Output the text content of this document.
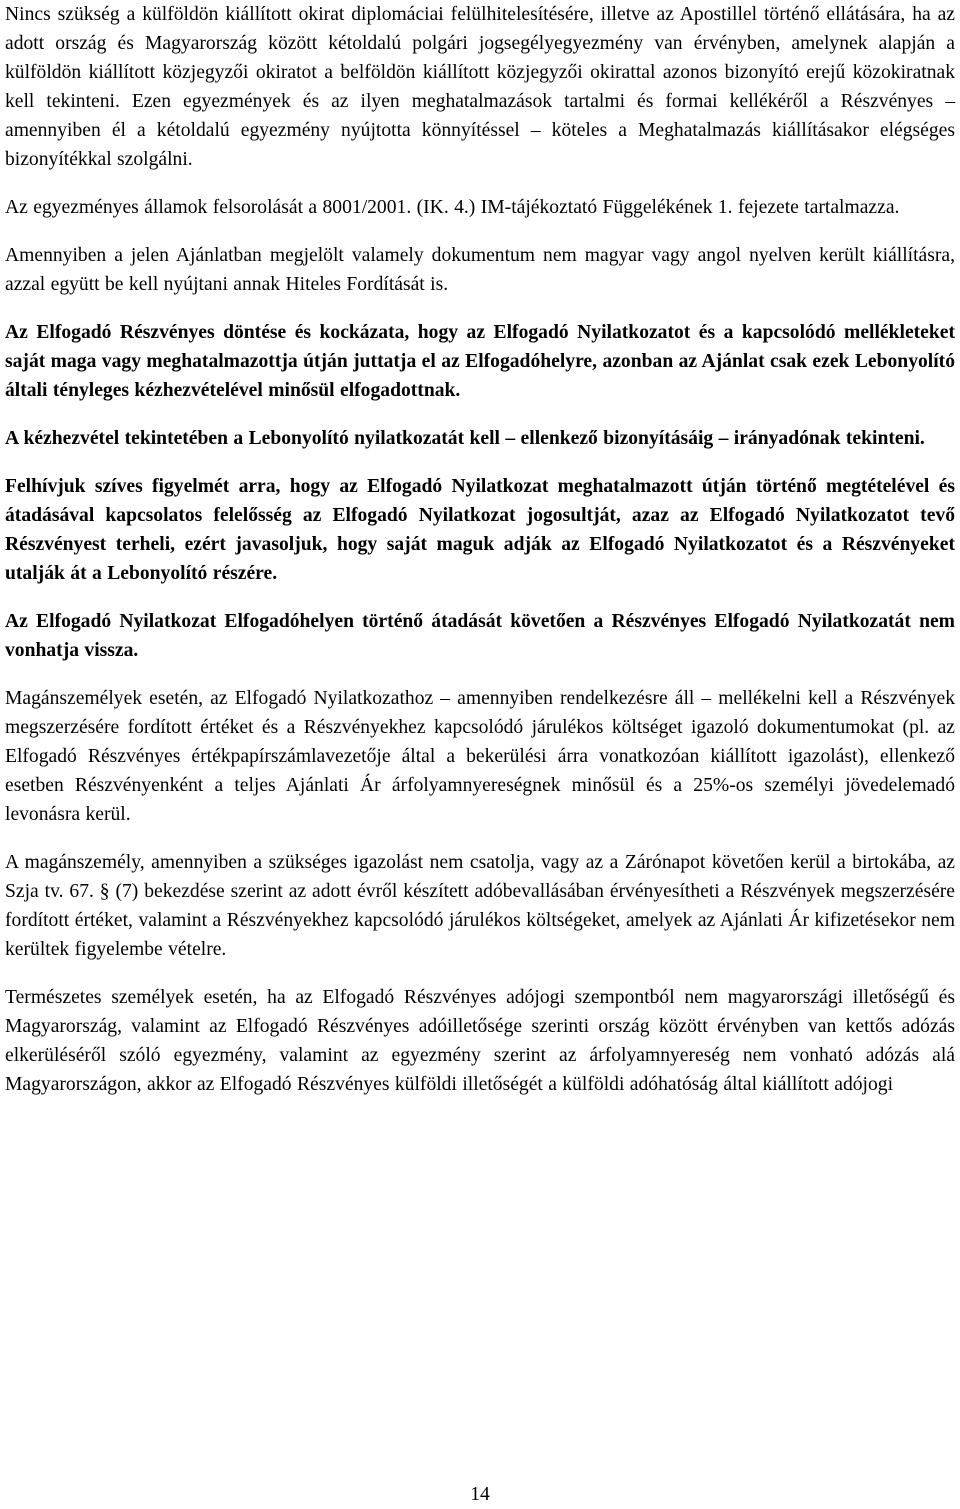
Nincs szükség a külföldön kiállított okirat diplomáciai felülhitelesítésére, illetve az Apostillel történő ellátására, ha az adott ország és Magyarország között kétoldalú polgári jogsegélyegyezmény van érvényben, amelynek alapján a külföldön kiállított közjegyzői okiratot a belföldön kiállított közjegyzői okirattal azonos bizonyító erejű közokiratnak kell tekinteni. Ezen egyezmények és az ilyen meghatalmazások tartalmi és formai kellékéről a Részvényes – amennyiben él a kétoldalú egyezmény nyújtotta könnyítéssel – köteles a Meghatalmazás kiállításakor elégséges bizonyítékkal szolgálni.

Az egyezményes államok felsorolását a 8001/2001. (IK. 4.) IM-tájékoztató Függelékének 1. fejezete tartalmazza.

Amennyiben a jelen Ajánlatban megjelölt valamely dokumentum nem magyar vagy angol nyelven került kiállításra, azzal együtt be kell nyújtani annak Hiteles Fordítását is.

Az Elfogadó Részvényes döntése és kockázata, hogy az Elfogadó Nyilatkozatot és a kapcsolódó mellékleteket saját maga vagy meghatalmazottja útján juttatja el az Elfogadóhelyre, azonban az Ajánlat csak ezek Lebonyolító általi tényleges kézhezvételével minősül elfogadottnak.

A kézhezvétel tekintetében a Lebonyolító nyilatkozatát kell – ellenkező bizonyításáig – irányadónak tekinteni.

Felhívjuk szíves figyelmét arra, hogy az Elfogadó Nyilatkozat meghatalmazott útján történő megtételével és átadásával kapcsolatos felelősség az Elfogadó Nyilatkozat jogosultját, azaz az Elfogadó Nyilatkozatot tevő Részvényest terheli, ezért javasoljuk, hogy saját maguk adják az Elfogadó Nyilatkozatot és a Részvényeket utalják át a Lebonyolító részére.

Az Elfogadó Nyilatkozat Elfogadóhelyen történő átadását követően a Részvényes Elfogadó Nyilatkozatát nem vonhatja vissza.

Magánszemélyek esetén, az Elfogadó Nyilatkozathoz – amennyiben rendelkezésre áll – mellékelni kell a Részvények megszerzésére fordított értéket és a Részvényekhez kapcsolódó járulékos költséget igazoló dokumentumokat (pl. az Elfogadó Részvényes értékpapírszámlavezetője által a bekerülési árra vonatkozóan kiállított igazolást), ellenkező esetben Részvényenként a teljes Ajánlati Ár árfolyamnyereségnek minősül és a 25%-os személyi jövedelemadó levonásra kerül.

A magánszemély, amennyiben a szükséges igazolást nem csatolja, vagy az a Zárónapot követően kerül a birtokába, az Szja tv. 67. § (7) bekezdése szerint az adott évről készített adóbevallásában érvényesítheti a Részvények megszerzésére fordított értéket, valamint a Részvényekhez kapcsolódó járulékos költségeket, amelyek az Ajánlati Ár kifizetésekor nem kerültek figyelembe vételre.

Természetes személyek esetén, ha az Elfogadó Részvényes adójogi szempontból nem magyarországi illetőségű és Magyarország, valamint az Elfogadó Részvényes adóilletősége szerinti ország között érvényben van kettős adózás elkerüléséről szóló egyezmény, valamint az egyezmény szerint az árfolyamnyereség nem vonható adózás alá Magyarországon, akkor az Elfogadó Részvényes külföldi illetőségét a külföldi adóhatóság által kiállított adójogi

14
